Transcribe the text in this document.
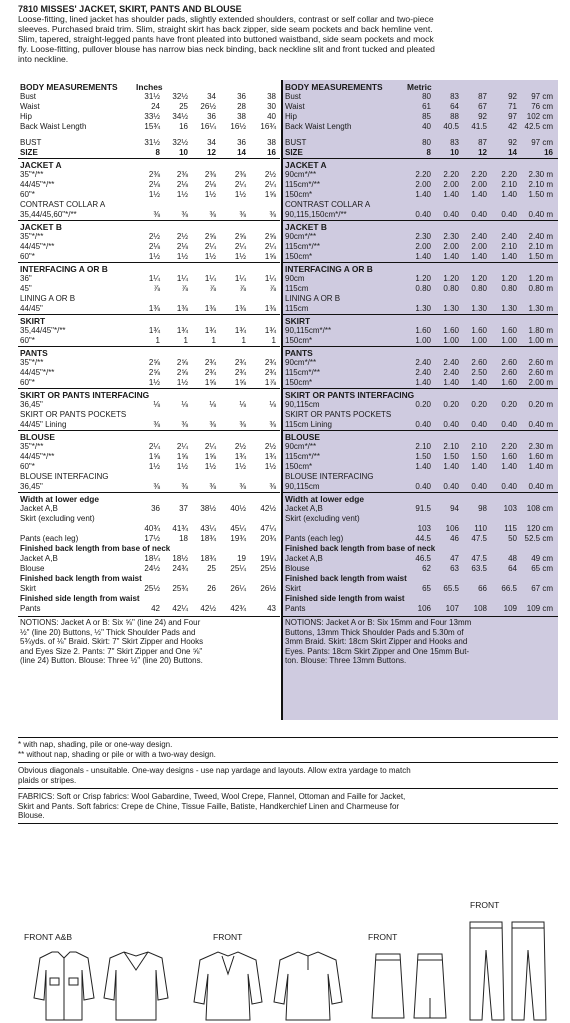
7810 MISSES' JACKET, SKIRT, PANTS AND BLOUSE
Loose-fitting, lined jacket has shoulder pads, slightly extended shoulders, contrast or self collar and two-piece
sleeves. Purchased braid trim. Slim, straight skirt has back zipper, side seam pockets and back hemline vent.
Slim, tapered, straight-legged pants have front pleated into buttoned waistband, side seam pockets and mock
fly. Loose-fitting, pullover blouse has narrow bias neck binding, back neckline slit and front tucked and pleated
into neckline.
BODY MEASUREMENTS Inches
Bust	31½	32½	34	36	38
Waist	24	25	26½	28	30
Hip	33½	34½	36	38	40
Back Waist Length	15¾	16	16¼	16½	16¾
BUST	31½	32½	34	36	38
SIZE	8	10	12	14	16
JACKET A
35"*/**	2⅜	2⅜	2⅜	2⅜	2½
44/45"*/**	2⅛	2⅛	2⅛	2¼	2¼
60"*	1½	1½	1½	1½	1⅝
CONTRAST COLLAR A
35,44/45,60"*/**	⅜	⅜	⅜	⅜	⅜
JACKET B
35"*/**	2½	2½	2⅝	2⅝	2⅝
44/45"*/**	2⅛	2⅛	2¼	2¼	2¼
60"*	1½	1½	1½	1½	1⅝
INTERFACING A OR B
36"	1¼	1¼	1¼	1¼	1¼
45"	⅞	⅞	⅞	⅞	⅞
LINING A OR B
44/45"	1⅜	1⅜	1⅜	1⅜	1⅜
SKIRT
35,44/45"*/**	1¾	1¾	1¾	1¾	1¾
60"*	1	1	1	1	1
PANTS
35"*/**	2⅝	2⅝	2¾	2¾	2¾
44/45"*/**	2⅝	2⅝	2¾	2¾	2¾
60"*	1½	1½	1⅝	1⅝	1⅞
SKIRT OR PANTS INTERFACING
36,45"	⅛	⅛	⅛	⅛	⅛
SKIRT OR PANTS POCKETS
44/45" Lining	⅜	⅜	⅜	⅜	⅜
BLOUSE
35"*/**	2¼	2¼	2¼	2½	2½
44/45"*/**	1⅝	1⅝	1⅝	1¾	1¾
60"*	1½	1½	1½	1½	1½
BLOUSE INTERFACING
36,45"	⅜	⅜	⅜	⅜	⅜
Width at lower edge
Jacket A,B	36	37	38½	40½	42½
Skirt (excluding vent)
40¾	41¾	43¼	45¼	47¼
Pants (each leg)	17½	18	18¾	19¾	20¾
Finished back length from base of neck
Jacket A,B	18¼	18½	18¾	19	19¼
Blouse	24½	24¾	25	25¼	25½
Finished back length from waist
Skirt	25½	25¾	26	26¼	26½
Finished side length from waist
Pants	42	42¼	42½	42¾	43
NOTIONS: Jacket A or B: Six ⅝" (line 24) and Four
½" (line 20) Buttons, ½" Thick Shoulder Pads and
5¾yds. of ⅛" Braid. Skirt: 7" Skirt Zipper and Hooks
and Eyes Size 2. Pants: 7" Skirt Zipper and One ⅝"
(line 24) Button. Blouse: Three ½" (line 20) Buttons.
BODY MEASUREMENTS	Metric
Bust	80	83	87	92	97 cm
Waist	61	64	67	71	76 cm
Hip	85	88	92	97	102 cm
Back Waist Length	40	40.5	41.5	42 42.5 cm
BUST	80	83	87	92	97 cm
SIZE	8	10	12	14	16
JACKET A
90cm*/**	2.20	2.20	2.20	2.20	2.30 m
115cm*/**	2.00	2.00	2.00	2.10	2.10 m
150cm*	1.40	1.40	1.40	1.40	1.50 m
CONTRAST COLLAR A
90,115,150cm*/**	0.40	0.40	0.40	0.40	0.40 m
JACKET B
90cm*/**	2.30	2.30	2.40	2.40	2.40 m
115cm*/**	2.00	2.00	2.00	2.10	2.10 m
150cm*	1.40	1.40	1.40	1.40	1.50 m
INTERFACING A OR B
90cm	1.20	1.20	1.20	1.20	1.20 m
115cm	0.80	0.80	0.80	0.80	0.80 m
LINING A OR B
115cm	1.30	1.30	1.30	1.30	1.30 m
SKIRT
90,115cm*/**	1.60	1.60	1.60	1.60	1.80 m
150cm*	1.00	1.00	1.00	1.00	1.00 m
PANTS
90cm*/**	2.40	2.40	2.60	2.60	2.60 m
115cm*/**	2.40	2.40	2.50	2.60	2.60 m
150cm*	1.40	1.40	1.40	1.60	2.00 m
SKIRT OR PANTS INTERFACING
90,115cm	0.20	0.20	0.20	0.20	0.20 m
SKIRT OR PANTS POCKETS
115cm Lining	0.40	0.40	0.40	0.40	0.40 m
BLOUSE
90cm*/**	2.10	2.10	2.10	2.20	2.30 m
115cm*/**	1.50	1.50	1.50	1.60	1.60 m
150cm*	1.40	1.40	1.40	1.40	1.40 m
BLOUSE INTERFACING
90,115cm	0.40	0.40	0.40	0.40	0.40 m
Width at lower edge
Jacket A,B	91.5	94	98	103	108 cm
Skirt (excluding vent)
103	106	110	115	120 cm
Pants (each leg)	44.5	46	47.5	50 52.5 cm
Finished back length from base of neck
Jacket A,B	46.5	47	47.5	48	49 cm
Blouse	62	63	63.5	64	65 cm
Finished back length from waist
Skirt	65	65.5	66	66.5	67 cm
Finished side length from waist
Pants	106	107	108	109	109 cm
NOTIONS: Jacket A or B: Six 15mm and Four 13mm
Buttons, 13mm Thick Shoulder Pads and 5.30m of
3mm Braid. Skirt: 18cm Skirt Zipper and Hooks and
Eyes. Pants: 18cm Skirt Zipper and One 15mm But-
ton. Blouse: Three 13mm Buttons.
* with nap, shading, pile or one-way design.
** without nap, shading or pile or with a two-way design.
Obvious diagonals - unsuitable. One-way designs - use nap yardage and layouts. Allow extra yardage to match
plaids or stripes.
FABRICS: Soft or Crisp fabrics: Wool Gabardine, Tweed, Wool Crepe, Flannel, Ottoman and Faille for Jacket,
Skirt and Pants. Soft fabrics: Crepe de Chine, Tissue Faille, Batiste, Handkerchief Linen and Charmeuse for
Blouse.
FRONT A&B	FRONT	FRONT
FRONT
